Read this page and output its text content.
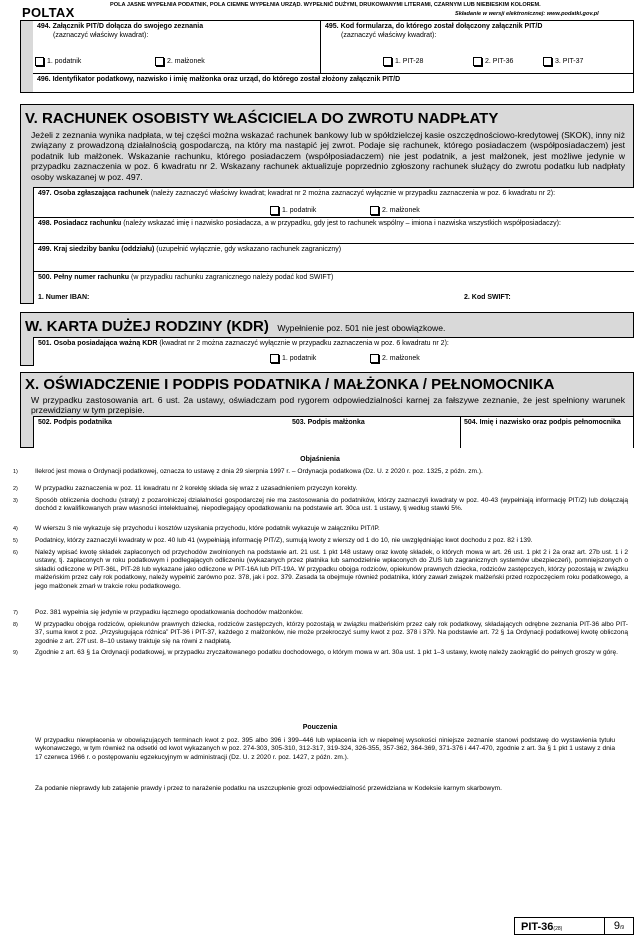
POLTAX	POLA JASNE WYPEŁNIA PODATNIK, POLA CIEMNE WYPEŁNIA URZĄD. WYPEŁNIĆ DUŻYMI, DRUKOWANYMI LITERAMI, CZARNYM LUB NIEBIESKIM KOLOREM.
Składanie w wersji elektronicznej: www.podatki.gov.pl
494. Załącznik PIT/D dołącza do swojego zeznania
(zaznaczyć właściwy kwadrat):
1. podatnik	2. małżonek
495. Kod formularza, do którego został dołączony załącznik PIT/D
(zaznaczyć właściwy kwadrat):
1. PIT-28	2. PIT-36	3. PIT-37
496. Identyfikator podatkowy, nazwisko i imię małżonka oraz urząd, do którego został złożony załącznik PIT/D
V. RACHUNEK OSOBISTY WŁAŚCICIELA DO ZWROTU NADPŁATY
Jeżeli z zeznania wynika nadpłata, w tej części można wskazać rachunek bankowy lub w spółdzielczej kasie oszczędnościowo-kredytowej (SKOK), inny niż związany z prowadzoną działalnością gospodarczą, na który ma nastąpić jej zwrot. Podaje się rachunek, którego posiadaczem (współposiadaczem) jest podatnik lub małżonek. Wskazanie rachunku, którego posiadaczem (współposiadaczem) nie jest podatnik, a jest małżonek, jest możliwe jedynie w przypadku zaznaczenia w poz. 6 kwadratu nr 2. Wskazany rachunek aktualizuje poprzednio zgłoszony rachunek służący do zwrotu podatku lub nadpłaty osoby wskazanej w poz. 497.
497. Osoba zgłaszająca rachunek (należy zaznaczyć właściwy kwadrat; kwadrat nr 2 można zaznaczyć wyłącznie w przypadku zaznaczenia w poz. 6 kwadratu nr 2):
1. podatnik	2. małżonek
498. Posiadacz rachunku (należy wskazać imię i nazwisko posiadacza, a w przypadku, gdy jest to rachunek wspólny – imiona i nazwiska wszystkich współposiadaczy):
499. Kraj siedziby banku (oddziału) (uzupełnić wyłącznie, gdy wskazano rachunek zagraniczny)
500. Pełny numer rachunku (w przypadku rachunku zagranicznego należy podać kod SWIFT)
1. Numer IBAN:	2. Kod SWIFT:
W. KARTA DUŻEJ RODZINY (KDR) Wypełnienie poz. 501 nie jest obowiązkowe.
501. Osoba posiadająca ważną KDR (kwadrat nr 2 można zaznaczyć wyłącznie w przypadku zaznaczenia w poz. 6 kwadratu nr 2):
1. podatnik	2. małżonek
X. OŚWIADCZENIE I PODPIS PODATNIKA / MAŁŻONKA / PEŁNOMOCNIKA
W przypadku zastosowania art. 6 ust. 2a ustawy, oświadczam pod rygorem odpowiedzialności karnej za fałszywe zeznanie, że jest spełniony warunek przewidziany w tym przepisie.
502. Podpis podatnika	503. Podpis małżonka	504. Imię i nazwisko oraz podpis pełnomocnika
Objaśnienia
1)	Ilekroć jest mowa o Ordynacji podatkowej, oznacza to ustawę z dnia 29 sierpnia 1997 r. – Ordynacja podatkowa (Dz. U. z 2020 r. poz. 1325, z późn. zm.).
2)	W przypadku zaznaczenia w poz. 11 kwadratu nr 2 korektę składa się wraz z uzasadnieniem przyczyn korekty.
3)	Sposób obliczenia dochodu (straty) z pozarolniczej działalności gospodarczej nie ma zastosowania do podatników, którzy zaznaczyli kwadraty w poz. 40-43 (wypełniają informację PIT/Z) lub dołączają dochód z kwalifikowanych praw własności intelektualnej, niepodlegający opodatkowaniu na podstawie art. 30ca ust. 1 ustawy, tj według stawki 5%.
4)	W wierszu 3 nie wykazuje się przychodu i kosztów uzyskania przychodu, które podatnik wykazuje w załączniku PIT/IP.
5)	Podatnicy, którzy zaznaczyli kwadraty w poz. 40 lub 41 (wypełniają informację PIT/Z), sumują kwoty z wierszy od 1 do 10, nie uwzględniając kwot dochodu z poz. 82 i 139.
6)	Należy wpisać kwotę składek zapłaconych od przychodów zwolnionych na podstawie art. 21 ust. 1 pkt 148 ustawy oraz kwotę składek, o których mowa w art. 26 ust. 1 pkt 2 i 2a oraz art. 27b ust. 1 i 2 ustawy, tj. zapłaconych w roku podatkowym i podlegających odliczeniu (wykazanych przez płatnika lub samodzielnie wpłaconych do ZUS lub zagranicznych systemów ubezpieczeń), pomniejszonych o składki odliczone w PIT-36L, PIT-28 lub wykazane jako odliczone w PIT-16A lub PIT-19A. W przypadku obojga rodziców, opiekunów prawnych dziecka, rodziców zastępczych, którzy pozostają w związku małżeńskim przez cały rok podatkowy, należy wypełnić zarówno poz. 378, jak i poz. 379. Zasada ta obejmuje również podatnika, który zawarł związek małżeński przed rozpoczęciem roku podatkowego, a jego małżonek zmarł w trakcie roku podatkowego.
7)	Poz. 381 wypełnia się jedynie w przypadku łącznego opodatkowania dochodów małżonków.
8)	W przypadku obojga rodziców, opiekunów prawnych dziecka, rodziców zastępczych, którzy pozostają w związku małżeńskim przez cały rok podatkowy, składających odrębne zeznania PIT-36 albo PIT-37, suma kwot z poz. „Przysługująca różnica” PIT-36 i PIT-37, każdego z małżonków, nie może przekroczyć sumy kwot z poz. 378 i 379. Na podstawie art. 72 § 1a Ordynacji podatkowej kwotę obliczoną zgodnie z art. 27f ust. 8–10 ustawy traktuje się na równi z nadpłatą.
9)	Zgodnie z art. 63 § 1a Ordynacji podatkowej, w przypadku zryczałtowanego podatku dochodowego, o którym mowa w art. 30a ust. 1 pkt 1–3 ustawy, kwotę należy zaokrąglić do pełnych groszy w górę.
Pouczenia
W przypadku niewpłacenia w obowiązujących terminach kwot z poz. 395 albo 396 i 399–446 lub wpłacenia ich w niepełnej wysokości niniejsze zeznanie stanowi podstawę do wystawienia tytułu wykonawczego, w tym również na odsetki od kwot wykazanych w poz. 274-303, 305-310, 312-317, 319-324, 326-355, 357-362, 364-369, 371-376 i 447-470, zgodnie z art. 3a § 1 pkt 1 ustawy z dnia 17 czerwca 1966 r. o postępowaniu egzekucyjnym w administracji (Dz. U. z 2020 r. poz. 1427, z późn. zm.).
Za podanie nieprawdy lub zatajenie prawdy i przez to narażenie podatku na uszczuplenie grozi odpowiedzialność przewidziana w Kodeksie karnym skarbowym.
PIT-36(28)	9 /9
